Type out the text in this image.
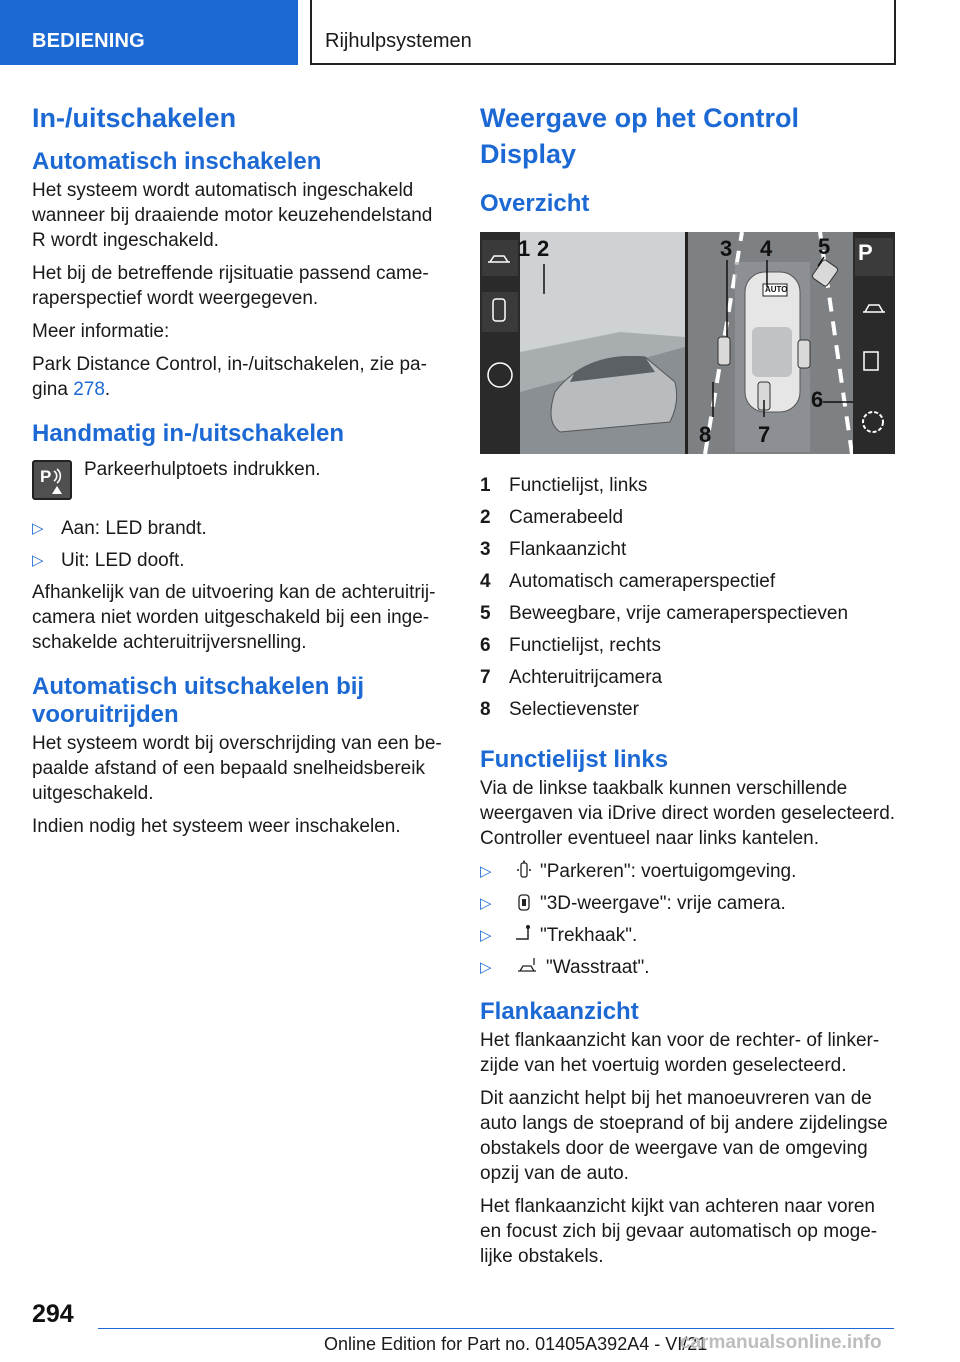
BEDIENING	Rijhulpsystemen
In-/uitschakelen
Automatisch inschakelen

Het systeem wordt automatisch ingeschakeld wanneer bij draaiende motor keuzehendelstand R wordt ingeschakeld.

Het bij de betreffende rijsituatie passend came-raperspectief wordt weergegeven.

Meer informatie:

Park Distance Control, in-/uitschakelen, zie pa-gina 278.

Handmatig in-/uitschakelen
P Parkeerhulptoets indrukken.
▷ Aan: LED brandt.
▷ Uit: LED dooft.

Afhankelijk van de uitvoering kan de achteruitrij-camera niet worden uitgeschakeld bij een inge-schakelde achteruitrijversnelling.

Automatisch uitschakelen bij vooruitrijden

Het systeem wordt bij overschrijding van een be-paalde afstand of een bepaald snelheidsbereik uitgeschakeld.

Indien nodig het systeem weer inschakelen.

Weergave op het Control Display
Overzicht
AUTO
P
1 2	3 4 5
6
7
8
1 Functielijst, links
2 Camerabeeld
3 Flankaanzicht
4 Automatisch cameraperspectief
5 Beweegbare, vrije cameraperspectieven
6 Functielijst, rechts
7 Achteruitrijcamera
8 Selectievenster
Functielijst links

Via de linkse taakbalk kunnen verschillende weergaven via iDrive direct worden geselecteerd. Controller eventueel naar links kantelen.

▷	"Parkeren": voertuigomgeving.
▷	"3D-weergave": vrije camera.
▷	"Trekhaak".
▷	"Wasstraat".
Flankaanzicht

Het flankaanzicht kan voor de rechter- of linker-zijde van het voertuig worden geselecteerd.

Dit aanzicht helpt bij het manoeuvreren van de auto langs de stoeprand of bij andere zijdelingse obstakels door de weergave van de omgeving opzij van de auto.

Het flankaanzicht kijkt van achteren naar voren en focust zich bij gevaar automatisch op moge-lijke obstakels.

294
Online Edition for Part no. 01405A392A4 - VI/21
carmanualsonline.info
